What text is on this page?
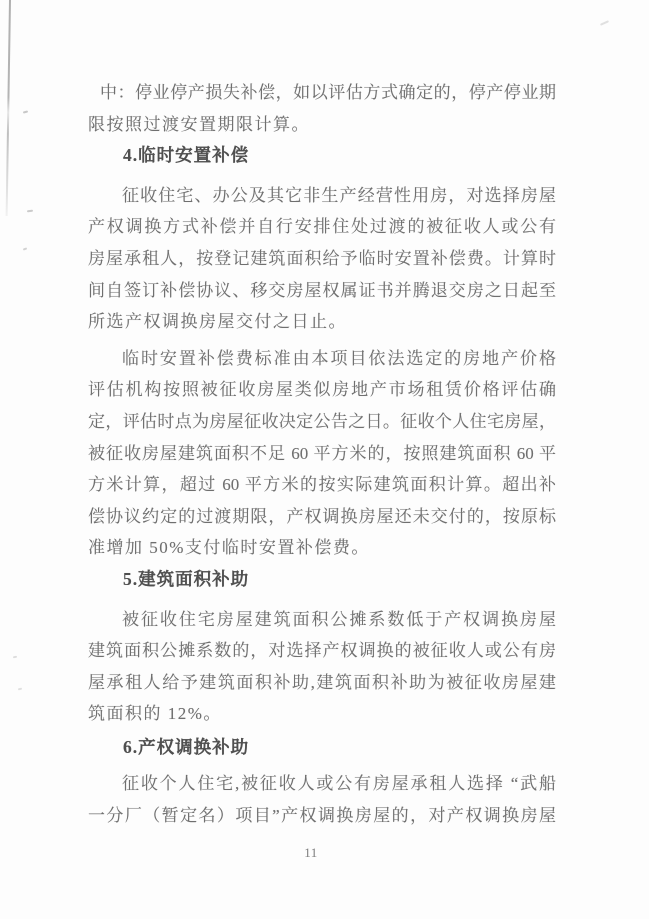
中：停业停产损失补偿，如以评估方式确定的，停产停业期
限按照过渡安置期限计算。
4.临时安置补偿
征收住宅、办公及其它非生产经营性用房，对选择房屋
产权调换方式补偿并自行安排住处过渡的被征收人或公有
房屋承租人，按登记建筑面积给予临时安置补偿费。计算时
间自签订补偿协议、移交房屋权属证书并腾退交房之日起至
所选产权调换房屋交付之日止。
临时安置补偿费标准由本项目依法选定的房地产价格
评估机构按照被征收房屋类似房地产市场租赁价格评估确
定，评估时点为房屋征收决定公告之日。征收个人住宅房屋，
被征收房屋建筑面积不足 60 平方米的，按照建筑面积 60 平
方米计算，超过 60 平方米的按实际建筑面积计算。超出补
偿协议约定的过渡期限，产权调换房屋还未交付的，按原标
准增加 50%支付临时安置补偿费。
5.建筑面积补助
被征收住宅房屋建筑面积公摊系数低于产权调换房屋
建筑面积公摊系数的，对选择产权调换的被征收人或公有房
屋承租人给予建筑面积补助,建筑面积补助为被征收房屋建
筑面积的 12%。
6.产权调换补助
征收个人住宅,被征收人或公有房屋承租人选择 “武船
一分厂（暂定名）项目”产权调换房屋的，对产权调换房屋
11
